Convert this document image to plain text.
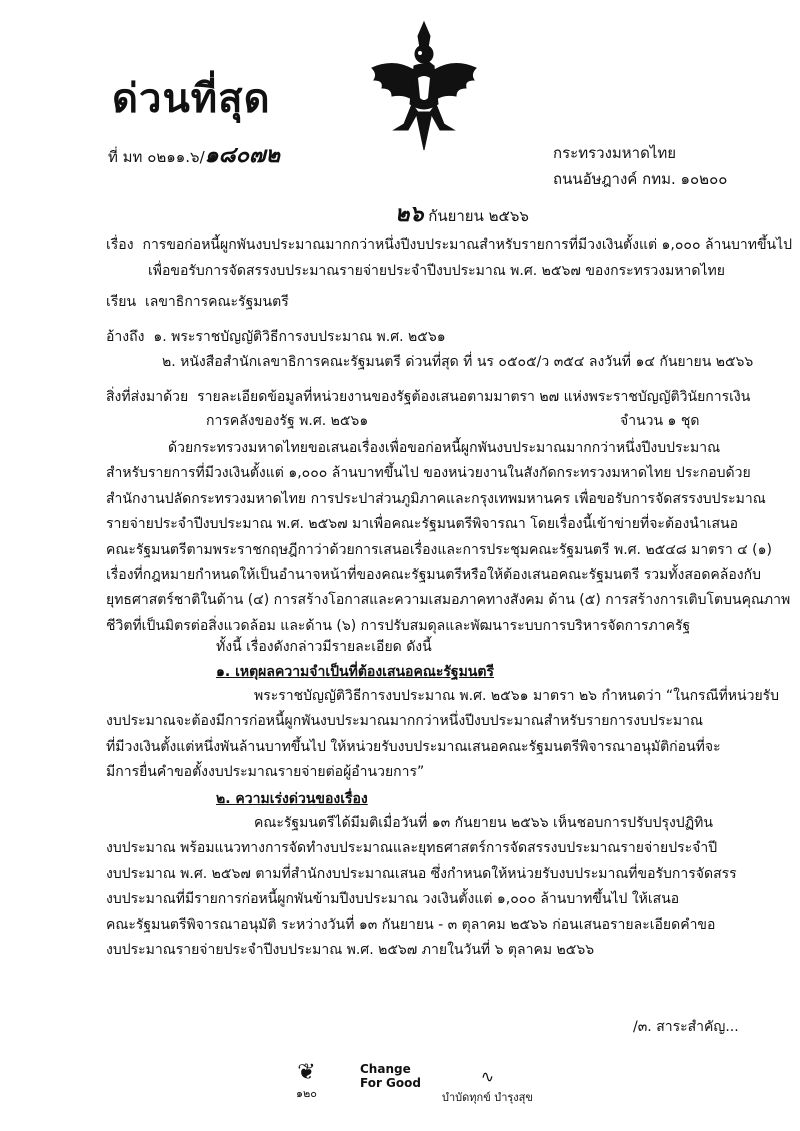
ด่วนที่สุด
ที่ มท ๐๒๑๑.๖/๑๘๐๗๒	กระทรวงมหาดไทย
ถนนอัษฎางค์ กทม. ๑๐๒๐๐
๒๖ กันยายน ๒๕๖๖
เรื่อง การขอก่อหนี้ผูกพันงบประมาณมากกว่าหนึ่งปีงบประมาณสำหรับรายการที่มีวงเงินตั้งแต่ ๑,๐๐๐ ล้านบาทขึ้นไป
เพื่อขอรับการจัดสรรงบประมาณรายจ่ายประจำปีงบประมาณ พ.ศ. ๒๕๖๗ ของกระทรวงมหาดไทย
เรียน เลขาธิการคณะรัฐมนตรี
อ้างถึง ๑. พระราชบัญญัติวิธีการงบประมาณ พ.ศ. ๒๕๖๑
๒. หนังสือสำนักเลขาธิการคณะรัฐมนตรี ด่วนที่สุด ที่ นร ๐๕๐๕/ว ๓๕๔ ลงวันที่ ๑๔ กันยายน ๒๕๖๖
สิ่งที่ส่งมาด้วย รายละเอียดข้อมูลที่หน่วยงานของรัฐต้องเสนอตามมาตรา ๒๗ แห่งพระราชบัญญัติวินัยการเงิน
การคลังของรัฐ พ.ศ. ๒๕๖๑	จำนวน ๑ ชุด
ด้วยกระทรวงมหาดไทยขอเสนอเรื่องเพื่อขอก่อหนี้ผูกพันงบประมาณมากกว่าหนึ่งปีงบประมาณ
สำหรับรายการที่มีวงเงินตั้งแต่ ๑,๐๐๐ ล้านบาทขึ้นไป ของหน่วยงานในสังกัดกระทรวงมหาดไทย ประกอบด้วย
สำนักงานปลัดกระทรวงมหาดไทย การประปาส่วนภูมิภาคและกรุงเทพมหานคร เพื่อขอรับการจัดสรรงบประมาณ
รายจ่ายประจำปีงบประมาณ พ.ศ. ๒๕๖๗ มาเพื่อคณะรัฐมนตรีพิจารณา โดยเรื่องนี้เข้าข่ายที่จะต้องนำเสนอ
คณะรัฐมนตรีตามพระราชกฤษฎีกาว่าด้วยการเสนอเรื่องและการประชุมคณะรัฐมนตรี พ.ศ. ๒๕๔๘ มาตรา ๔ (๑)
เรื่องที่กฎหมายกำหนดให้เป็นอำนาจหน้าที่ของคณะรัฐมนตรีหรือให้ต้องเสนอคณะรัฐมนตรี รวมทั้งสอดคล้องกับ
ยุทธศาสตร์ชาติในด้าน (๔) การสร้างโอกาสและความเสมอภาคทางสังคม ด้าน (๕) การสร้างการเติบโตบนคุณภาพ
ชีวิตที่เป็นมิตรต่อสิ่งแวดล้อม และด้าน (๖) การปรับสมดุลและพัฒนาระบบการบริหารจัดการภาครัฐ
ทั้งนี้ เรื่องดังกล่าวมีรายละเอียด ดังนี้
๑. เหตุผลความจำเป็นที่ต้องเสนอคณะรัฐมนตรี
พระราชบัญญัติวิธีการงบประมาณ พ.ศ. ๒๕๖๑ มาตรา ๒๖ กำหนดว่า “ในกรณีที่หน่วยรับ
งบประมาณจะต้องมีการก่อหนี้ผูกพันงบประมาณมากกว่าหนึ่งปีงบประมาณสำหรับรายการงบประมาณ
ที่มีวงเงินตั้งแต่หนึ่งพันล้านบาทขึ้นไป ให้หน่วยรับงบประมาณเสนอคณะรัฐมนตรีพิจารณาอนุมัติก่อนที่จะ
มีการยื่นคำขอตั้งงบประมาณรายจ่ายต่อผู้อำนวยการ”
๒. ความเร่งด่วนของเรื่อง
คณะรัฐมนตรีได้มีมติเมื่อวันที่ ๑๓ กันยายน ๒๕๖๖ เห็นชอบการปรับปรุงปฏิทิน
งบประมาณ พร้อมแนวทางการจัดทำงบประมาณและยุทธศาสตร์การจัดสรรงบประมาณรายจ่ายประจำปี
งบประมาณ พ.ศ. ๒๕๖๗ ตามที่สำนักงบประมาณเสนอ ซึ่งกำหนดให้หน่วยรับงบประมาณที่ขอรับการจัดสรร
งบประมาณที่มีรายการก่อหนี้ผูกพันข้ามปีงบประมาณ วงเงินตั้งแต่ ๑,๐๐๐ ล้านบาทขึ้นไป ให้เสนอ
คณะรัฐมนตรีพิจารณาอนุมัติ ระหว่างวันที่ ๑๓ กันยายน - ๓ ตุลาคม ๒๕๖๖ ก่อนเสนอรายละเอียดคำขอ
งบประมาณรายจ่ายประจำปีงบประมาณ พ.ศ. ๒๕๖๗ ภายในวันที่ ๖ ตุลาคม ๒๕๖๖
/๓. สาระสำคัญ...
❦
๑๒๐
Change
For Good	∿
บำบัดทุกข์ บำรุงสุข
